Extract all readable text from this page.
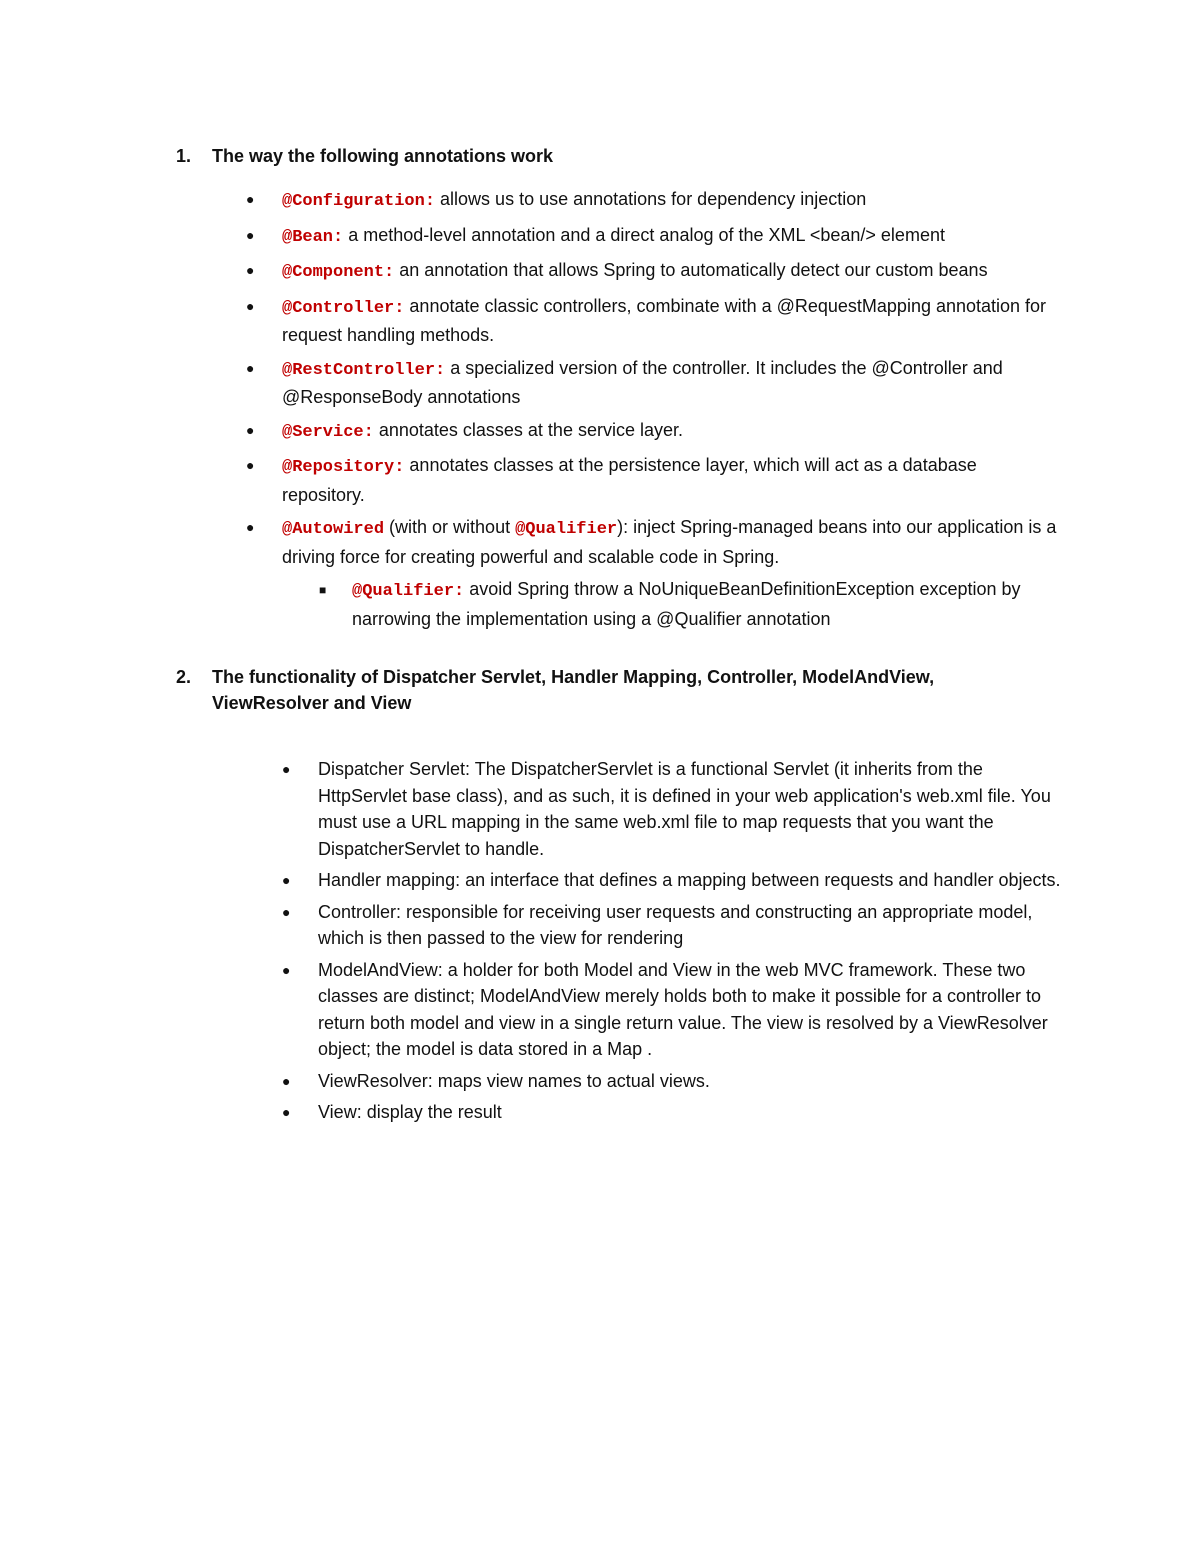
1. The way the following annotations work
● @Configuration: allows us to use annotations for dependency injection
● @Bean: a method-level annotation and a direct analog of the XML <bean/> element
● @Component: an annotation that allows Spring to automatically detect our custom beans
● @Controller: annotate classic controllers, combinate with a @RequestMapping annotation for request handling methods.
● @RestController: a specialized version of the controller. It includes the @Controller and @ResponseBody annotations
● @Service: annotates classes at the service layer.
● @Repository: annotates classes at the persistence layer, which will act as a database repository.
● @Autowired (with or without @Qualifier): inject Spring-managed beans into our application is a driving force for creating powerful and scalable code in Spring.
■ @Qualifier: avoid Spring throw a NoUniqueBeanDefinitionException exception by narrowing the implementation using a @Qualifier annotation
2. The functionality of Dispatcher Servlet, Handler Mapping, Controller, ModelAndView, ViewResolver and View
● Dispatcher Servlet: The DispatcherServlet is a functional Servlet (it inherits from the HttpServlet base class), and as such, it is defined in your web application's web.xml file. You must use a URL mapping in the same web.xml file to map requests that you want the DispatcherServlet to handle.
● Handler mapping: an interface that defines a mapping between requests and handler objects.
● Controller: responsible for receiving user requests and constructing an appropriate model, which is then passed to the view for rendering
● ModelAndView: a holder for both Model and View in the web MVC framework. These two classes are distinct; ModelAndView merely holds both to make it possible for a controller to return both model and view in a single return value. The view is resolved by a ViewResolver object; the model is data stored in a Map .
● ViewResolver: maps view names to actual views.
● View: display the result
